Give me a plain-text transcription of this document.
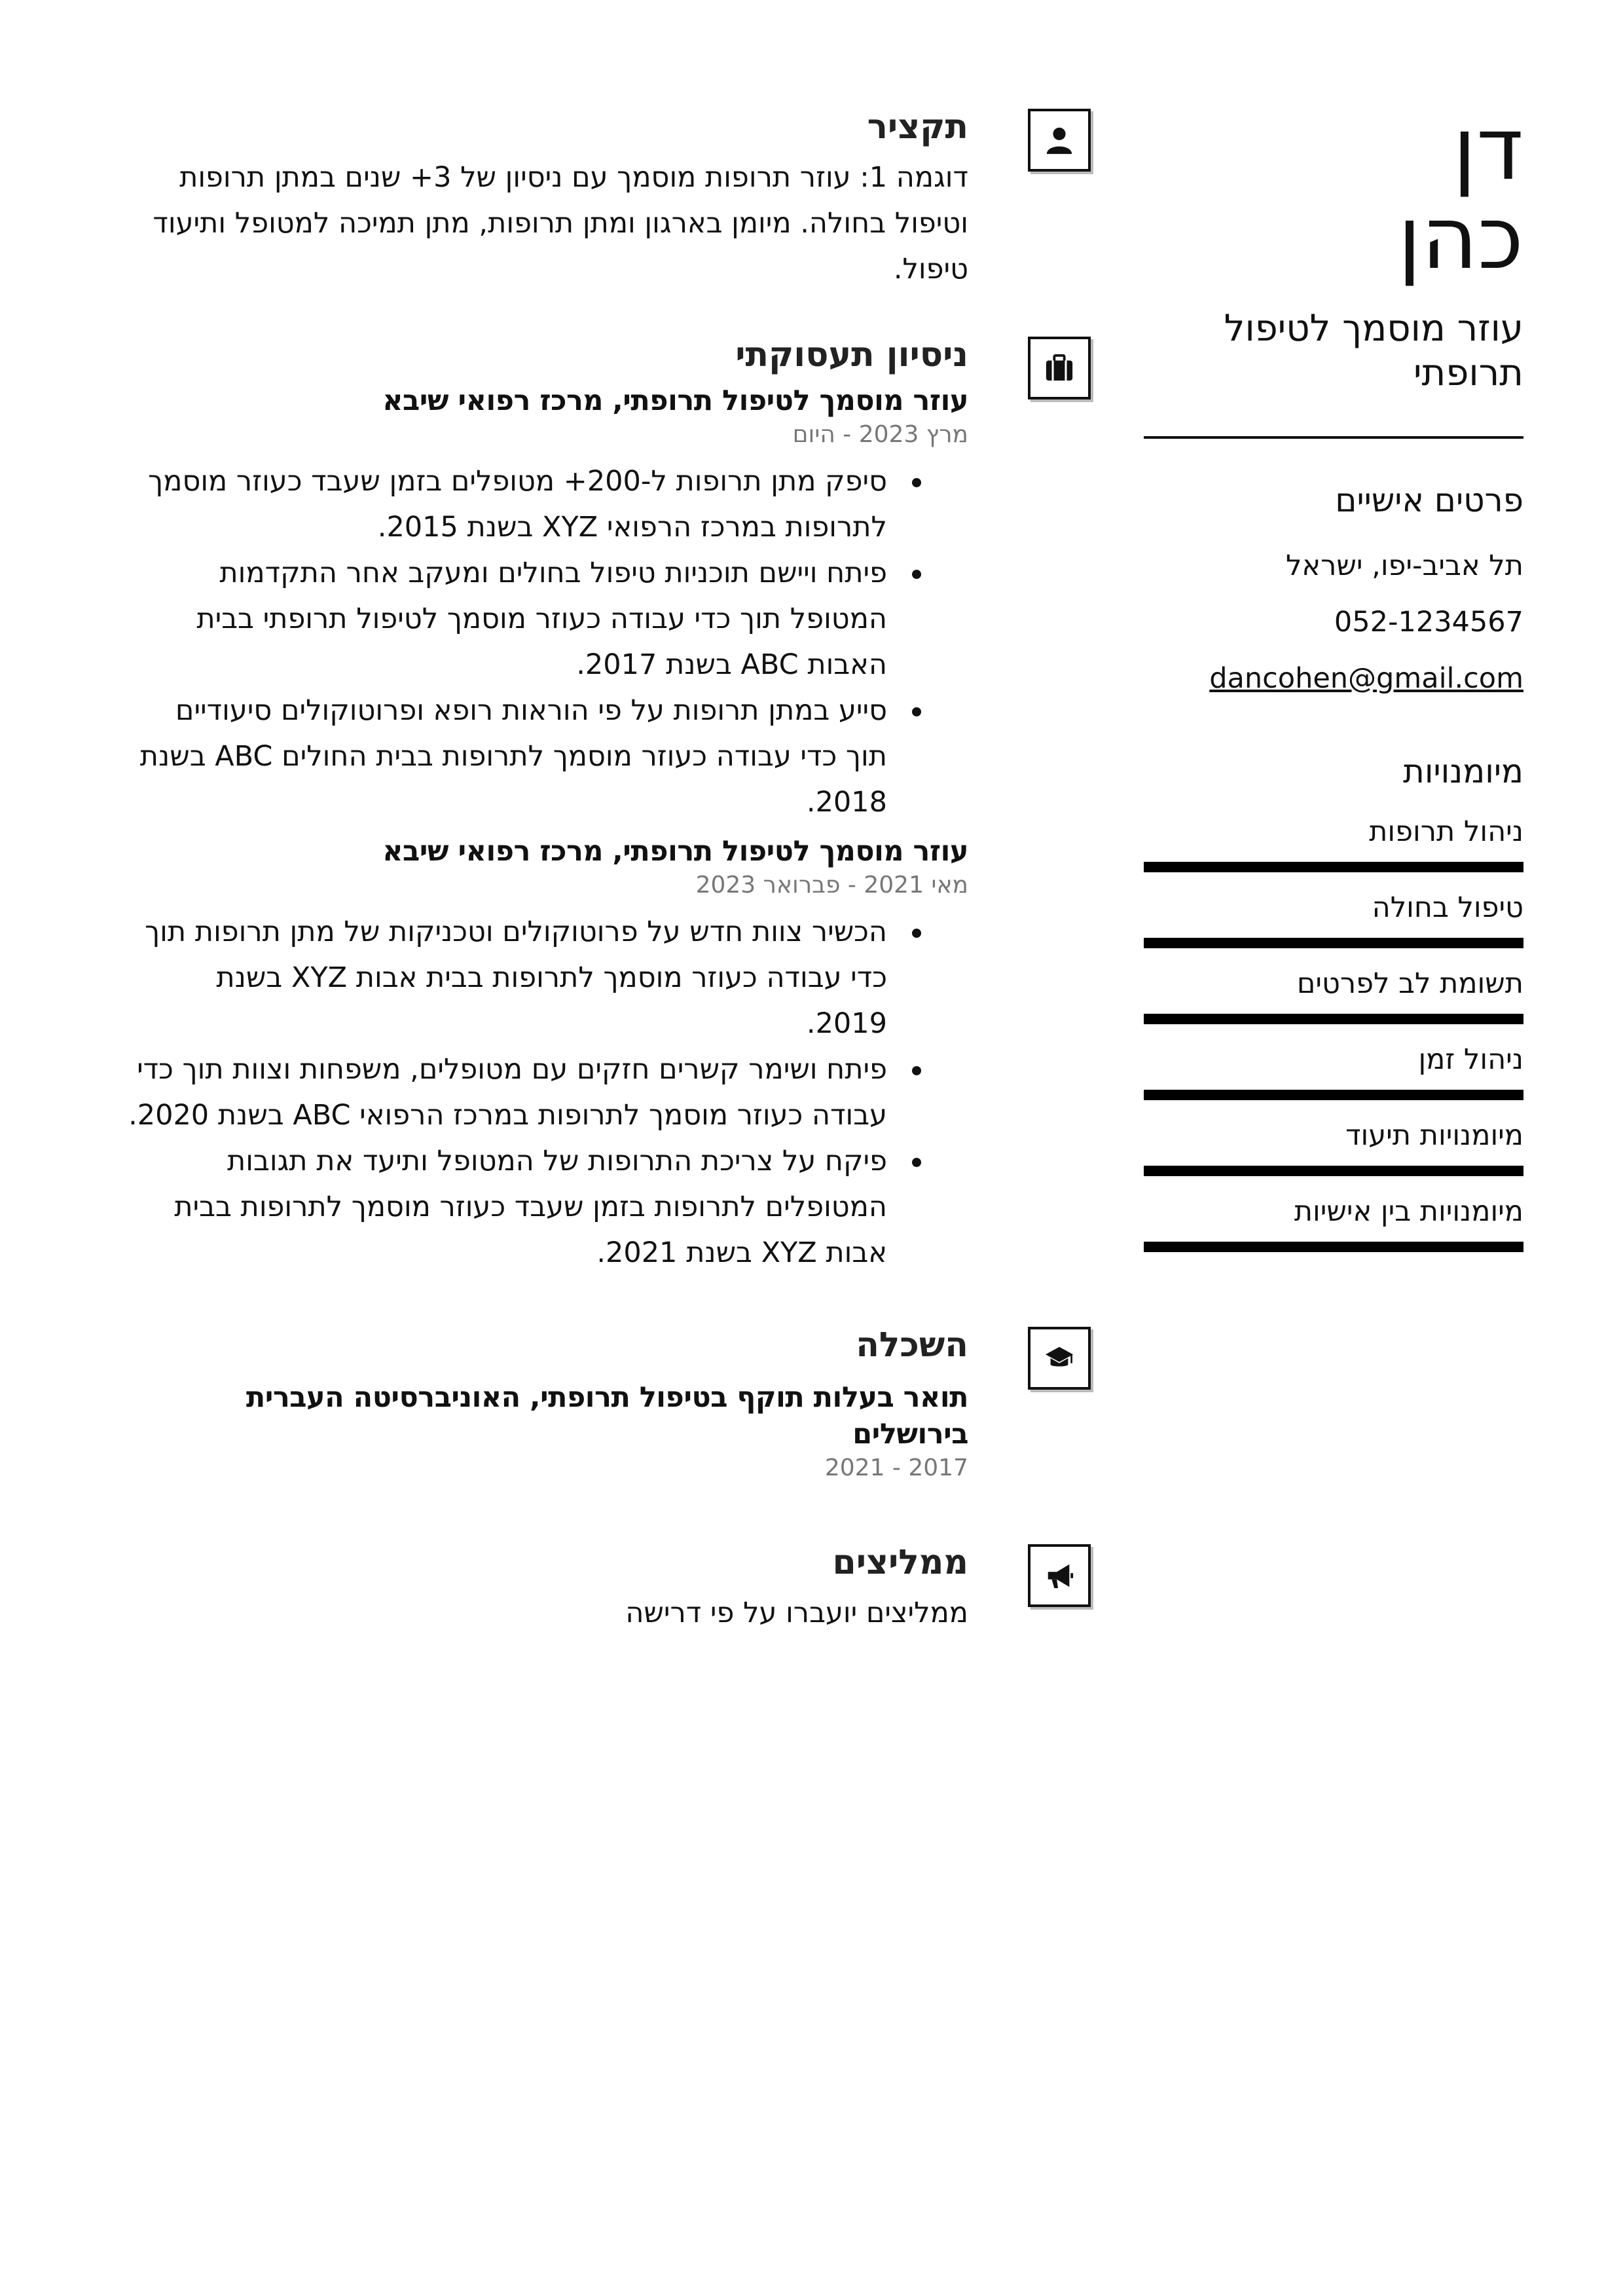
דן
כהן
עוזר מוסמך לטיפול תרופתי
פרטים אישיים
תל אביב-יפו, ישראל
052-1234567
dancohen@gmail.com
מיומנויות
ניהול תרופות
טיפול בחולה
תשומת לב לפרטים
ניהול זמן
מיומנויות תיעוד
מיומנויות בין אישיות
תקציר

דוגמה 1: עוזר תרופות מוסמך עם ניסיון של 3+ שנים במתן תרופות וטיפול בחולה. מיומן בארגון ומתן תרופות, מתן תמיכה למטופל ותיעוד טיפול.

ניסיון תעסוקתי
עוזר מוסמך לטיפול תרופתי, מרכז רפואי שיבא
מרץ 2023 - היום
סיפק מתן תרופות ל-200+ מטופלים בזמן שעבד כעוזר מוסמך לתרופות במרכז הרפואי XYZ בשנת 2015.
פיתח ויישם תוכניות טיפול בחולים ומעקב אחר התקדמות המטופל תוך כדי עבודה כעוזר מוסמך לטיפול תרופתי בבית האבות ABC בשנת 2017.
סייע במתן תרופות על פי הוראות רופא ופרוטוקולים סיעודיים תוך כדי עבודה כעוזר מוסמך לתרופות בבית החולים ABC בשנת 2018.
עוזר מוסמך לטיפול תרופתי, מרכז רפואי שיבא
מאי 2021 - פברואר 2023
הכשיר צוות חדש על פרוטוקולים וטכניקות של מתן תרופות תוך כדי עבודה כעוזר מוסמך לתרופות בבית אבות XYZ בשנת 2019.
פיתח ושימר קשרים חזקים עם מטופלים, משפחות וצוות תוך כדי עבודה כעוזר מוסמך לתרופות במרכז הרפואי ABC בשנת 2020.
פיקח על צריכת התרופות של המטופל ותיעד את תגובות המטופלים לתרופות בזמן שעבד כעוזר מוסמך לתרופות בבית אבות XYZ בשנת 2021.
השכלה
תואר בעלות תוקף בטיפול תרופתי, האוניברסיטה העברית בירושלים
2017 - 2021
ממליצים

ממליצים יועברו על פי דרישה
